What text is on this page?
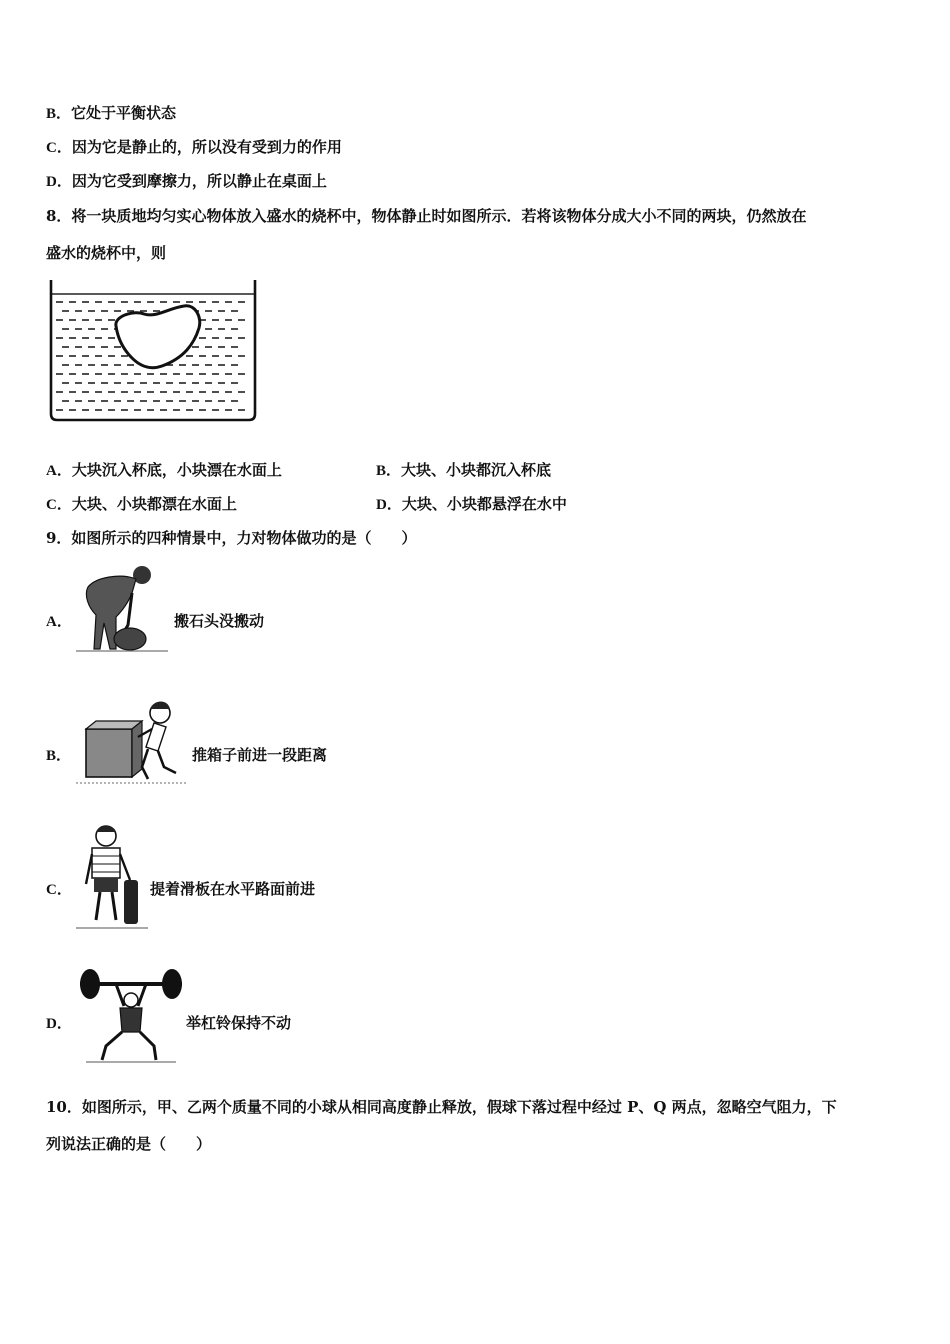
B．它处于平衡状态
C．因为它是静止的，所以没有受到力的作用
D．因为它受到摩擦力，所以静止在桌面上
8．将一块质地均匀实心物体放入盛水的烧杯中，物体静止时如图所示．若将该物体分成大小不同的两块，仍然放在
盛水的烧杯中，则
A．大块沉入杯底，小块漂在水面上	B．大块、小块都沉入杯底
C．大块、小块都漂在水面上	D．大块、小块都悬浮在水中
9．如图所示的四种情景中，力对物体做功的是（　　）
A．	搬石头没搬动
B．	推箱子前进一段距离
C．	提着滑板在水平路面前进
D．	举杠铃保持不动
10．如图所示，甲、乙两个质量不同的小球从相同高度静止释放，假球下落过程中经过 P、Q 两点，忽略空气阻力，下
列说法正确的是（　　）
